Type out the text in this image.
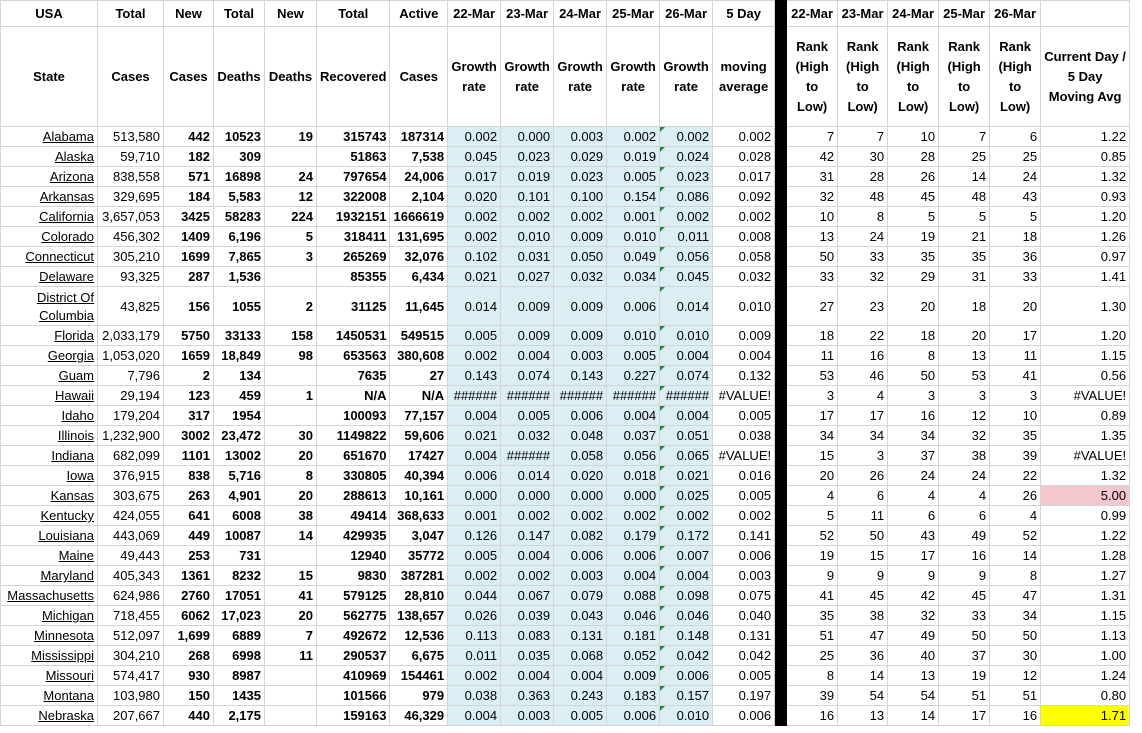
USA	Total	New	Total	New	Total	Active	22-Mar	23-Mar	24-Mar	25-Mar	26-Mar	5 Day		22-Mar	23-Mar	24-Mar	25-Mar	26-Mar	
State	Cases	Cases	Deaths	Deaths	Recovered	Cases	Growth rate	Growth rate	Growth rate	Growth rate	Growth rate	moving average		Rank (High to Low)	Rank (High to Low)	Rank (High to Low)	Rank (High to Low)	Rank (High to Low)	Current Day / 5 Day Moving Avg
Alabama	513,580	442	10523	19	315743	187314	0.002	0.000	0.003	0.002	0.002	0.002		7	7	10	7	6	1.22
Alaska	59,710	182	309		51863	7,538	0.045	0.023	0.029	0.019	0.024	0.028		42	30	28	25	25	0.85
Arizona	838,558	571	16898	24	797654	24,006	0.017	0.019	0.023	0.005	0.023	0.017		31	28	26	14	24	1.32
Arkansas	329,695	184	5,583	12	322008	2,104	0.020	0.101	0.100	0.154	0.086	0.092		32	48	45	48	43	0.93
California	3,657,053	3425	58283	224	1932151	1666619	0.002	0.002	0.002	0.001	0.002	0.002		10	8	5	5	5	1.20
Colorado	456,302	1409	6,196	5	318411	131,695	0.002	0.010	0.009	0.010	0.011	0.008		13	24	19	21	18	1.26
Connecticut	305,210	1699	7,865	3	265269	32,076	0.102	0.031	0.050	0.049	0.056	0.058		50	33	35	35	36	0.97
Delaware	93,325	287	1,536		85355	6,434	0.021	0.027	0.032	0.034	0.045	0.032		33	32	29	31	33	1.41
District Of Columbia	43,825	156	1055	2	31125	11,645	0.014	0.009	0.009	0.006	0.014	0.010		27	23	20	18	20	1.30
Florida	2,033,179	5750	33133	158	1450531	549515	0.005	0.009	0.009	0.010	0.010	0.009		18	22	18	20	17	1.20
Georgia	1,053,020	1659	18,849	98	653563	380,608	0.002	0.004	0.003	0.005	0.004	0.004		11	16	8	13	11	1.15
Guam	7,796	2	134		7635	27	0.143	0.074	0.143	0.227	0.074	0.132		53	46	50	53	41	0.56
Hawaii	29,194	123	459	1	N/A	N/A	######	######	######	######	######	#VALUE!		3	4	3	3	3	#VALUE!
Idaho	179,204	317	1954		100093	77,157	0.004	0.005	0.006	0.004	0.004	0.005		17	17	16	12	10	0.89
Illinois	1,232,900	3002	23,472	30	1149822	59,606	0.021	0.032	0.048	0.037	0.051	0.038		34	34	34	32	35	1.35
Indiana	682,099	1101	13002	20	651670	17427	0.004	######	0.058	0.056	0.065	#VALUE!		15	3	37	38	39	#VALUE!
Iowa	376,915	838	5,716	8	330805	40,394	0.006	0.014	0.020	0.018	0.021	0.016		20	26	24	24	22	1.32
Kansas	303,675	263	4,901	20	288613	10,161	0.000	0.000	0.000	0.000	0.025	0.005		4	6	4	4	26	5.00
Kentucky	424,055	641	6008	38	49414	368,633	0.001	0.002	0.002	0.002	0.002	0.002		5	11	6	6	4	0.99
Louisiana	443,069	449	10087	14	429935	3,047	0.126	0.147	0.082	0.179	0.172	0.141		52	50	43	49	52	1.22
Maine	49,443	253	731		12940	35772	0.005	0.004	0.006	0.006	0.007	0.006		19	15	17	16	14	1.28
Maryland	405,343	1361	8232	15	9830	387281	0.002	0.002	0.003	0.004	0.004	0.003		9	9	9	9	8	1.27
Massachusetts	624,986	2760	17051	41	579125	28,810	0.044	0.067	0.079	0.088	0.098	0.075		41	45	42	45	47	1.31
Michigan	718,455	6062	17,023	20	562775	138,657	0.026	0.039	0.043	0.046	0.046	0.040		35	38	32	33	34	1.15
Minnesota	512,097	1,699	6889	7	492672	12,536	0.113	0.083	0.131	0.181	0.148	0.131		51	47	49	50	50	1.13
Mississippi	304,210	268	6998	11	290537	6,675	0.011	0.035	0.068	0.052	0.042	0.042		25	36	40	37	30	1.00
Missouri	574,417	930	8987		410969	154461	0.002	0.004	0.004	0.009	0.006	0.005		8	14	13	19	12	1.24
Montana	103,980	150	1435		101566	979	0.038	0.363	0.243	0.183	0.157	0.197		39	54	54	51	51	0.80
Nebraska	207,667	440	2,175		159163	46,329	0.004	0.003	0.005	0.006	0.010	0.006		16	13	14	17	16	1.71
